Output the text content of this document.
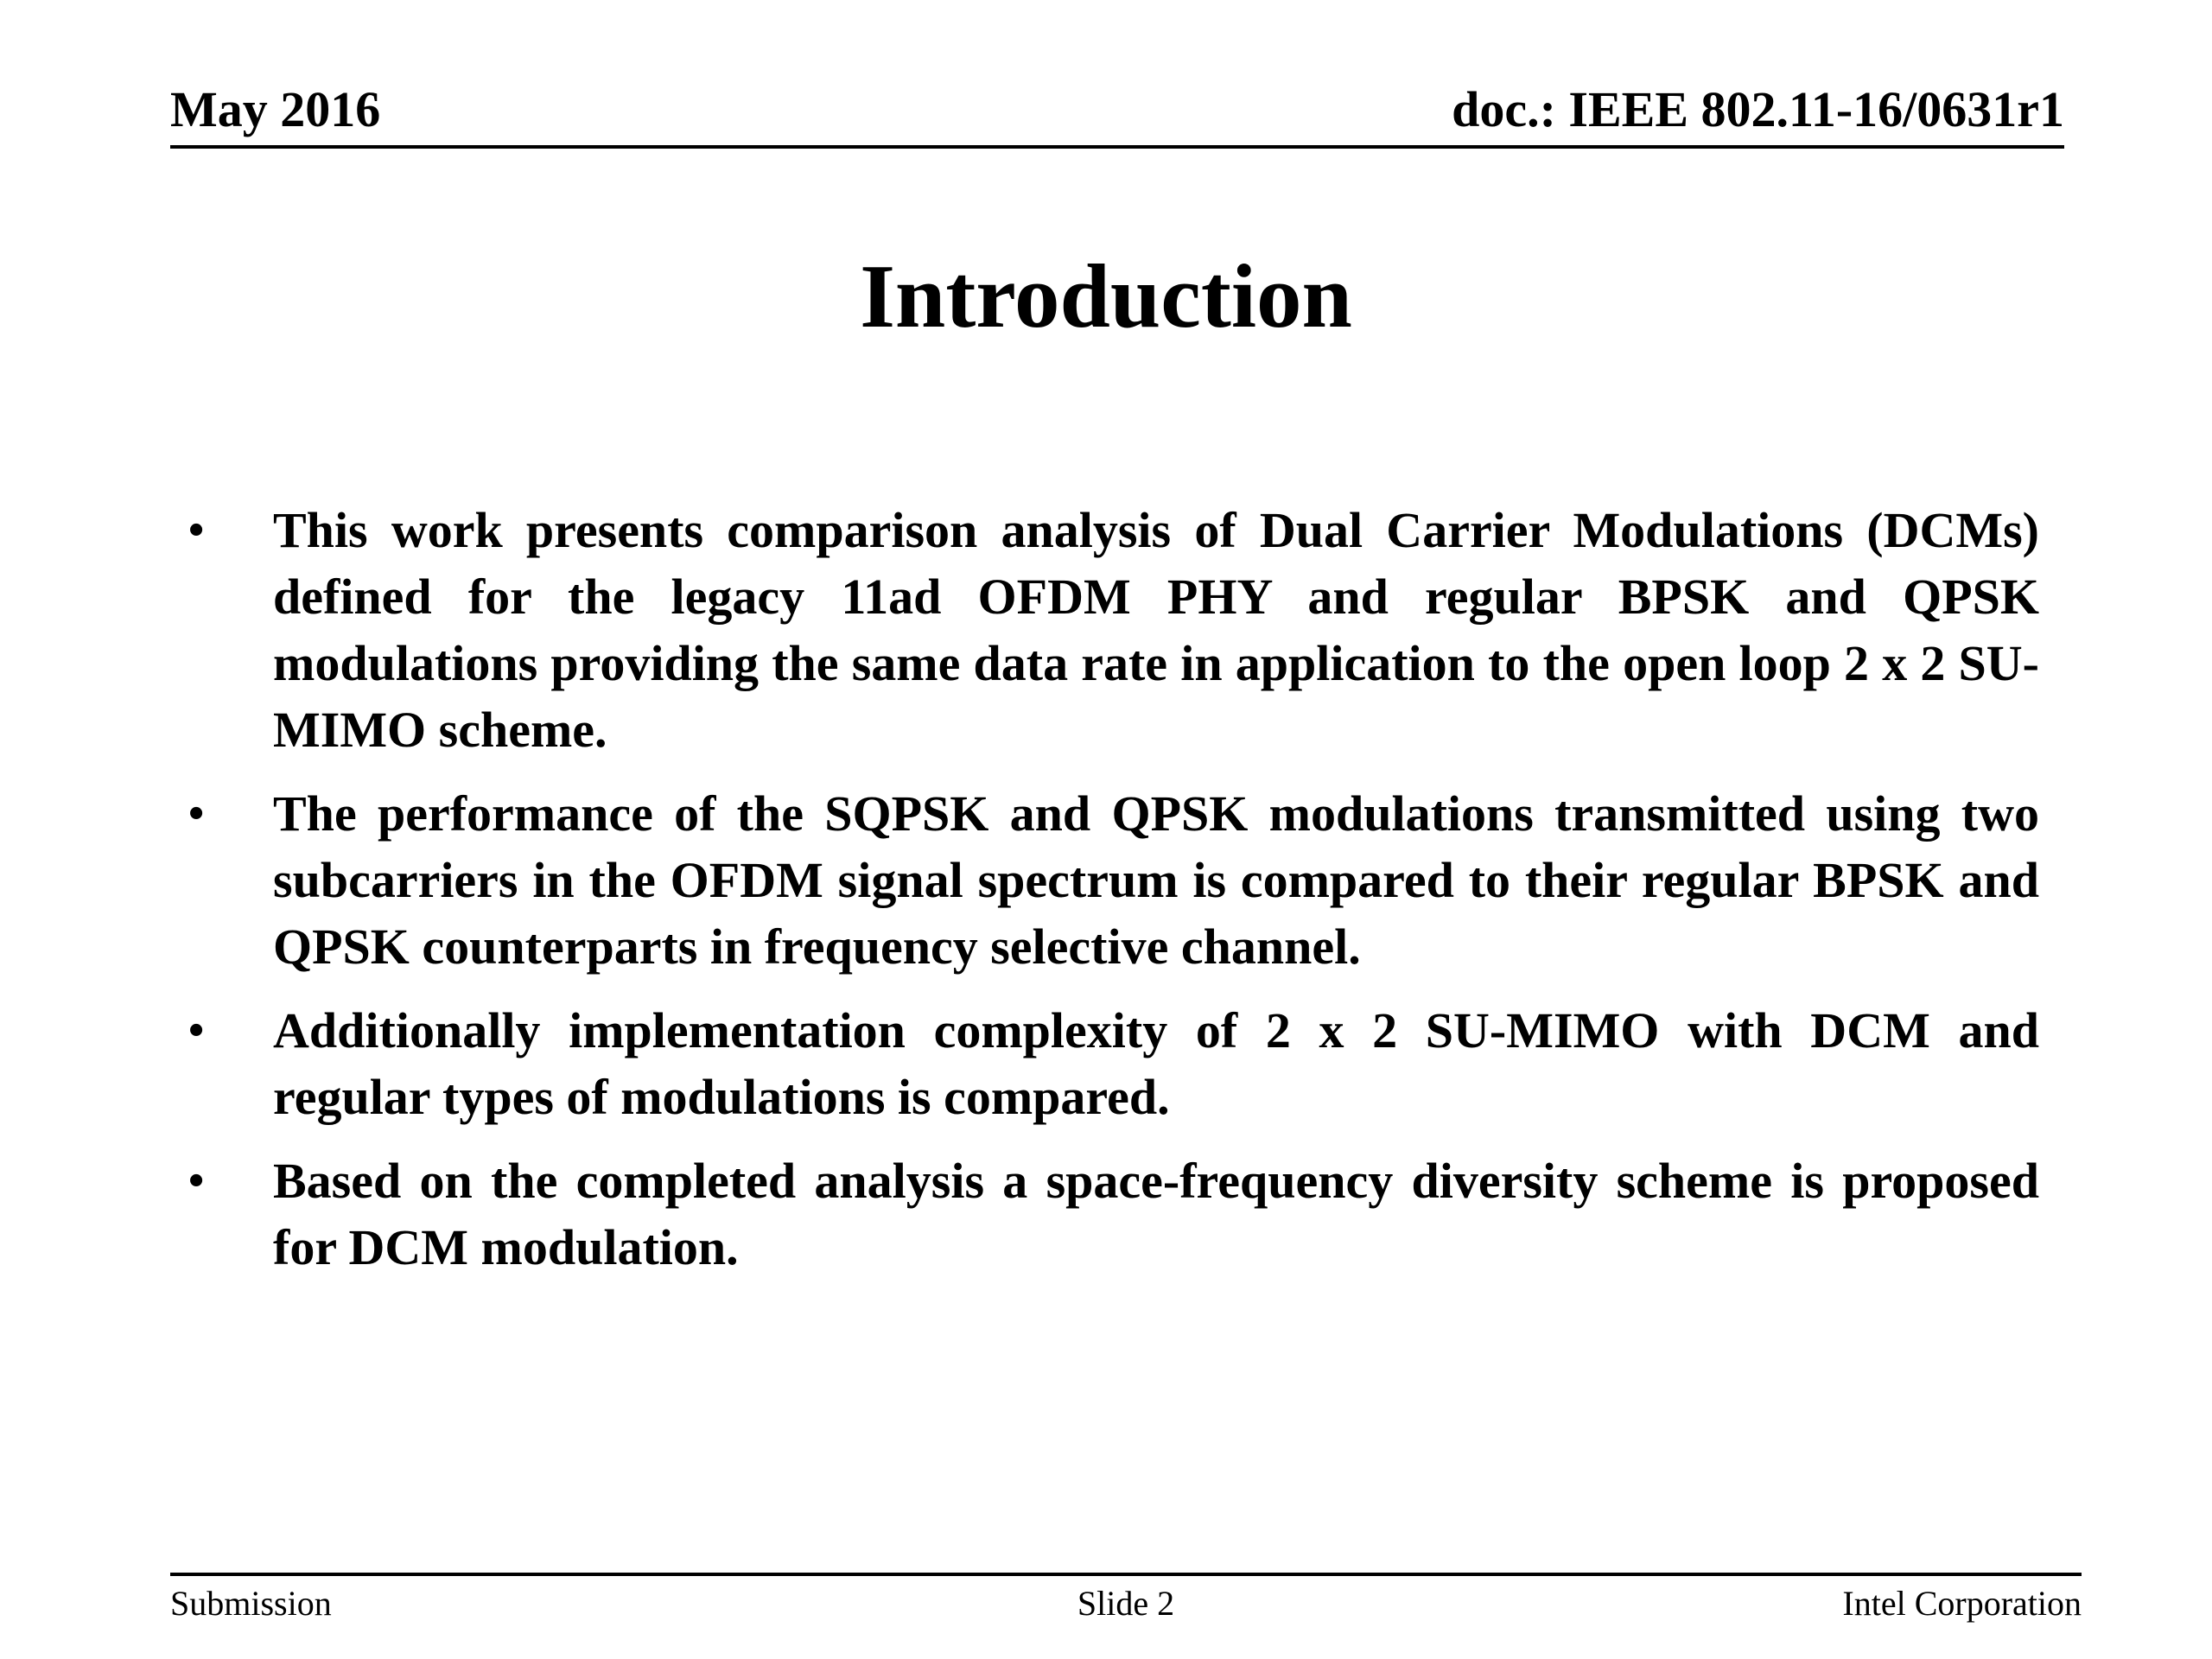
May 2016	doc.: IEEE 802.11-16/0631r1
Introduction
•	This work presents comparison analysis of Dual Carrier Modulations (DCMs) defined for the legacy 11ad OFDM PHY and regular BPSK and QPSK modulations providing the same data rate in application to the open loop 2 x 2 SU-MIMO scheme.
•	The performance of the SQPSK and QPSK modulations transmitted using two subcarriers in the OFDM signal spectrum is compared to their regular BPSK and QPSK counterparts in frequency selective channel.
•	Additionally implementation complexity of 2 x 2 SU-MIMO with DCM and regular types of modulations is compared.
•	Based on the completed analysis a space-frequency diversity scheme is proposed for DCM modulation.
Submission	Slide 2	Intel Corporation
